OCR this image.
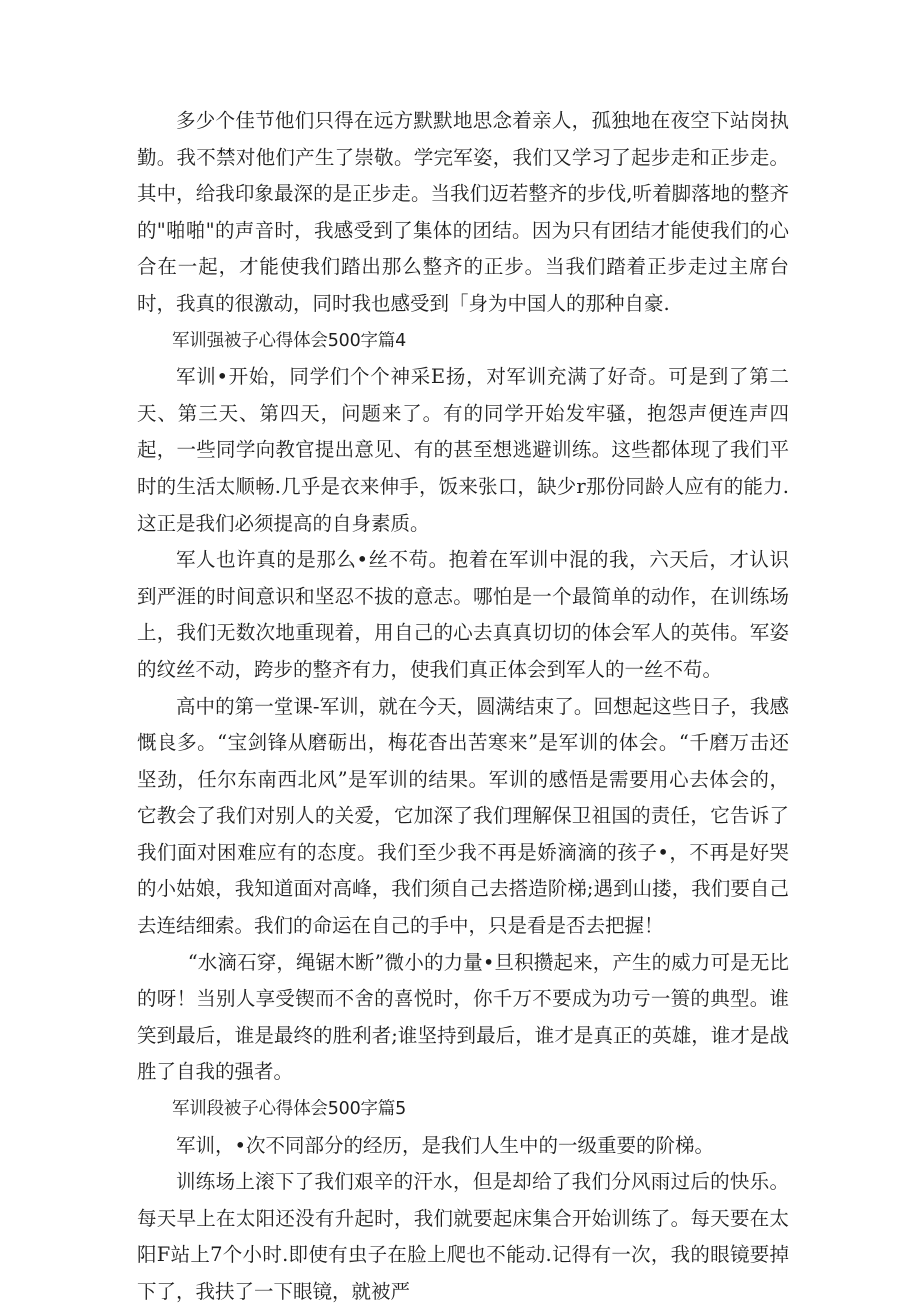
多少个佳节他们只得在远方默默地思念着亲人，孤独地在夜空下站岗执勤。我不禁对他们产生了崇敬。学完军姿，我们又学习了起步走和正步走。其中，给我印象最深的是正步走。当我们迈若整齐的步伐,听着脚落地的整齐的"啪啪"的声音时，我感受到了集体的团结。因为只有团结才能使我们的心合在一起，才能使我们踏出那么整齐的正步。当我们踏着正步走过主席台时，我真的很激动，同时我也感受到「身为中国人的那种自豪.

军训强被子心得体会500字篇4

军训•开始，同学们个个神采E扬，对军训充满了好奇。可是到了第二天、第三天、第四天，问题来了。有的同学开始发牢骚，抱怨声便连声四起，一些同学向教官提出意见、有的甚至想逃避训练。这些都体现了我们平时的生活太顺畅.几乎是衣来伸手，饭来张口，缺少r那份同龄人应有的能力.这正是我们必须提高的自身素质。

军人也许真的是那么•丝不苟。抱着在军训中混的我，六天后，才认识到严涯的时间意识和坚忍不拔的意志。哪怕是一个最简单的动作，在训练场上，我们无数次地重现着，用自己的心去真真切切的体会军人的英伟。军姿的纹丝不动，跨步的整齐有力，使我们真正体会到军人的一丝不苟。

高中的第一堂课-军训，就在今天，圆满结束了。回想起这些日子，我感慨良多。“宝剑锋从磨砺出，梅花杳出苦寒来”是军训的体会。“千磨万击还坚劲，任尔东南西北风”是军训的结果。军训的感悟是需要用心去体会的，它教会了我们对别人的关爱，它加深了我们理解保卫祖国的责任，它告诉了我们面对困难应有的态度。我们至少我不再是娇滴滴的孩子•，不再是好哭的小姑娘，我知道面对高峰，我们须自己去搭造阶梯;遇到山搂，我们要自己去连结细索。我们的命运在自己的手中，只是看是否去把握！

“水滴石穿，绳锯木断”微小的力量•旦积攒起来，产生的威力可是无比的呀！当别人享受锲而不舍的喜悦时，你千万不要成为功亏一篑的典型。谁笑到最后，谁是最终的胜利者;谁坚持到最后，谁才是真正的英雄，谁才是战胜了自我的强者。

军训段被子心得体会500字篇5

军训，•次不同部分的经历，是我们人生中的一级重要的阶梯。

训练场上滚下了我们艰辛的汗水，但是却给了我们分风雨过后的快乐。每天早上在太阳还没有升起时，我们就要起床集合开始训练了。每天要在太阳F站上7个小时.即使有虫子在脸上爬也不能动.记得有一次，我的眼镜要掉下了，我扶了一下眼镜，就被严
